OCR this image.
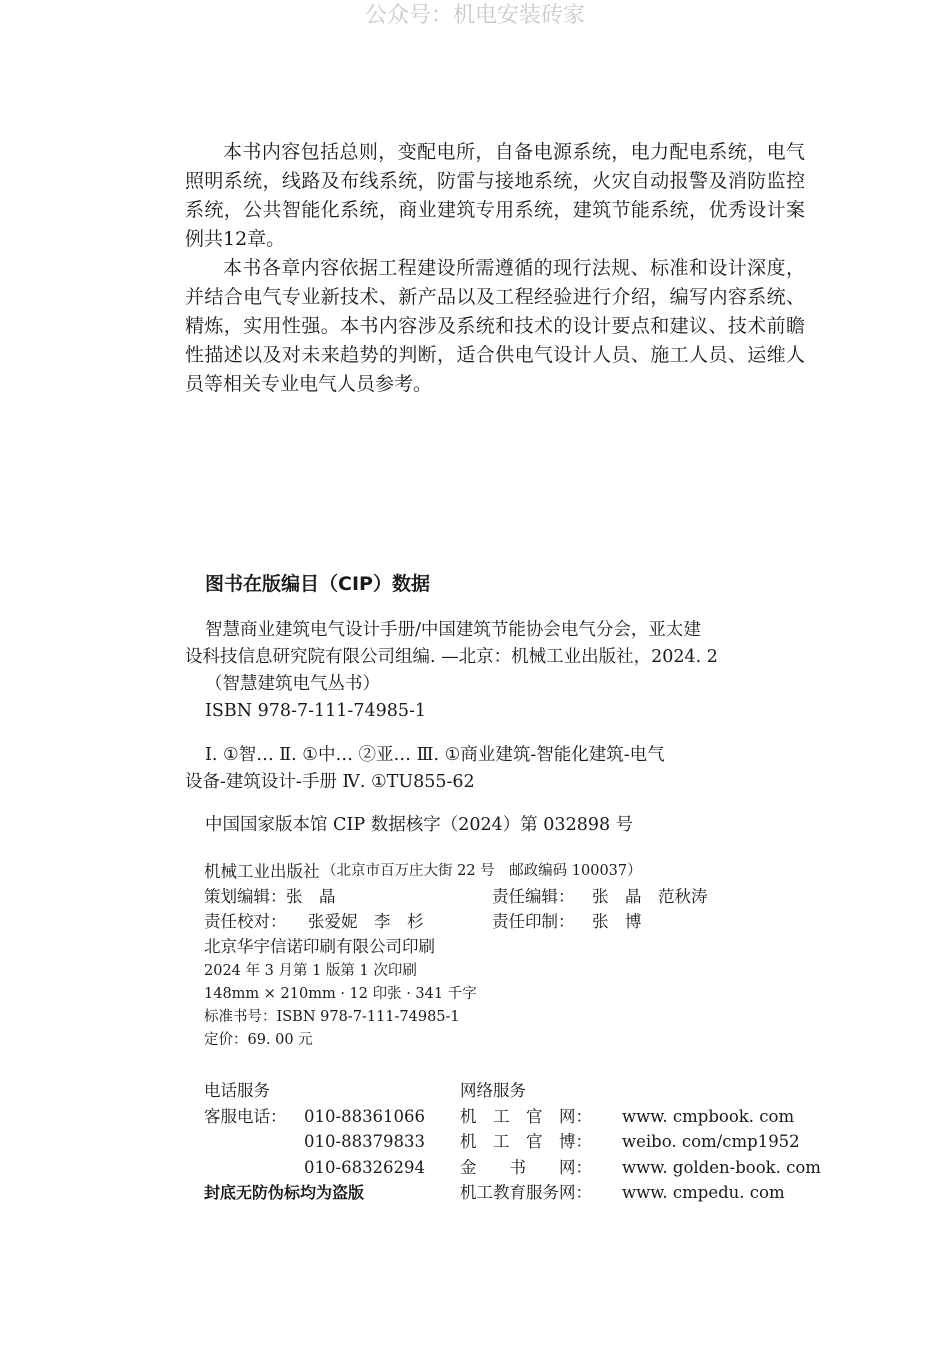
公众号：机电安装砖家

本书内容包括总则，变配电所，自备电源系统，电力配电系统，电气照明系统，线路及布线系统，防雷与接地系统，火灾自动报警及消防监控系统，公共智能化系统，商业建筑专用系统，建筑节能系统，优秀设计案例共12章。

本书各章内容依据工程建设所需遵循的现行法规、标准和设计深度，并结合电气专业新技术、新产品以及工程经验进行介绍，编写内容系统、精炼，实用性强。本书内容涉及系统和技术的设计要点和建议、技术前瞻性描述以及对未来趋势的判断，适合供电气设计人员、施工人员、运维人员等相关专业电气人员参考。

图书在版编目（CIP）数据
智慧商业建筑电气设计手册/中国建筑节能协会电气分会，亚太建
设科技信息研究院有限公司组编. —北京：机械工业出版社，2024. 2
（智慧建筑电气丛书）
ISBN 978-7-111-74985-1
Ⅰ. ①智… Ⅱ. ①中… ②亚… Ⅲ. ①商业建筑-智能化建筑-电气
设备-建筑设计-手册 Ⅳ. ①TU855-62
中国国家版本馆 CIP 数据核字（2024）第 032898 号
机械工业出版社 （北京市百万庄大街 22 号　邮政编码 100037）
策划编辑： 张　晶	责任编辑： 张　晶　范秋涛
责任校对： 张爱妮　李　杉	责任印制： 张　博
北京华宇信诺印刷有限公司印刷
2024 年 3 月第 1 版第 1 次印刷
148mm × 210mm · 12 印张 · 341 千字
标准书号：ISBN 978-7-111-74985-1
定价：69. 00 元
电话服务	网络服务
客服电话： 010-88361066 机　工　官　网： www. cmpbook. com
010-88379833 机　工　官　博： weibo. com/cmp1952
010-68326294 金　　书　　网： www. golden-book. com
封底无防伪标均为盗版	机工教育服务网： www. cmpedu. com
